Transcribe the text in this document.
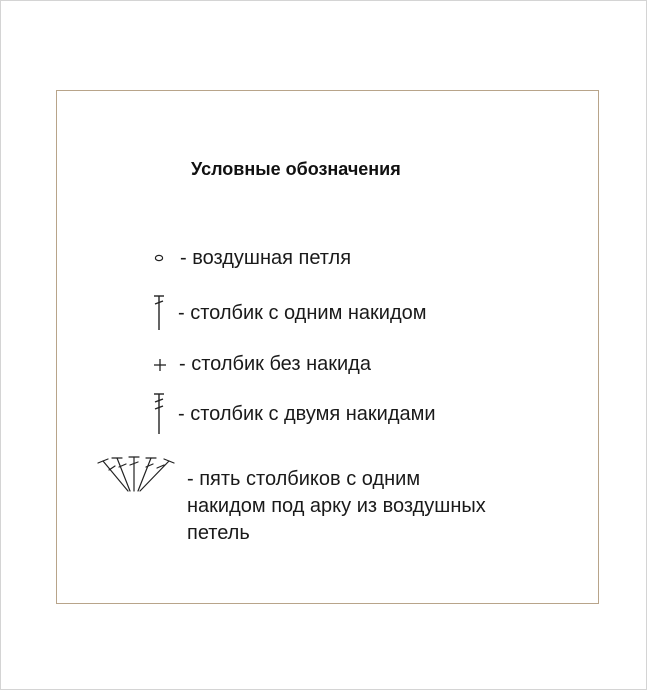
Условные обозначения
- воздушная петля
- столбик с одним накидом
- столбик без накида
- столбик с двумя накидами
- пять столбиков с одним
накидом под арку из воздушных
петель
